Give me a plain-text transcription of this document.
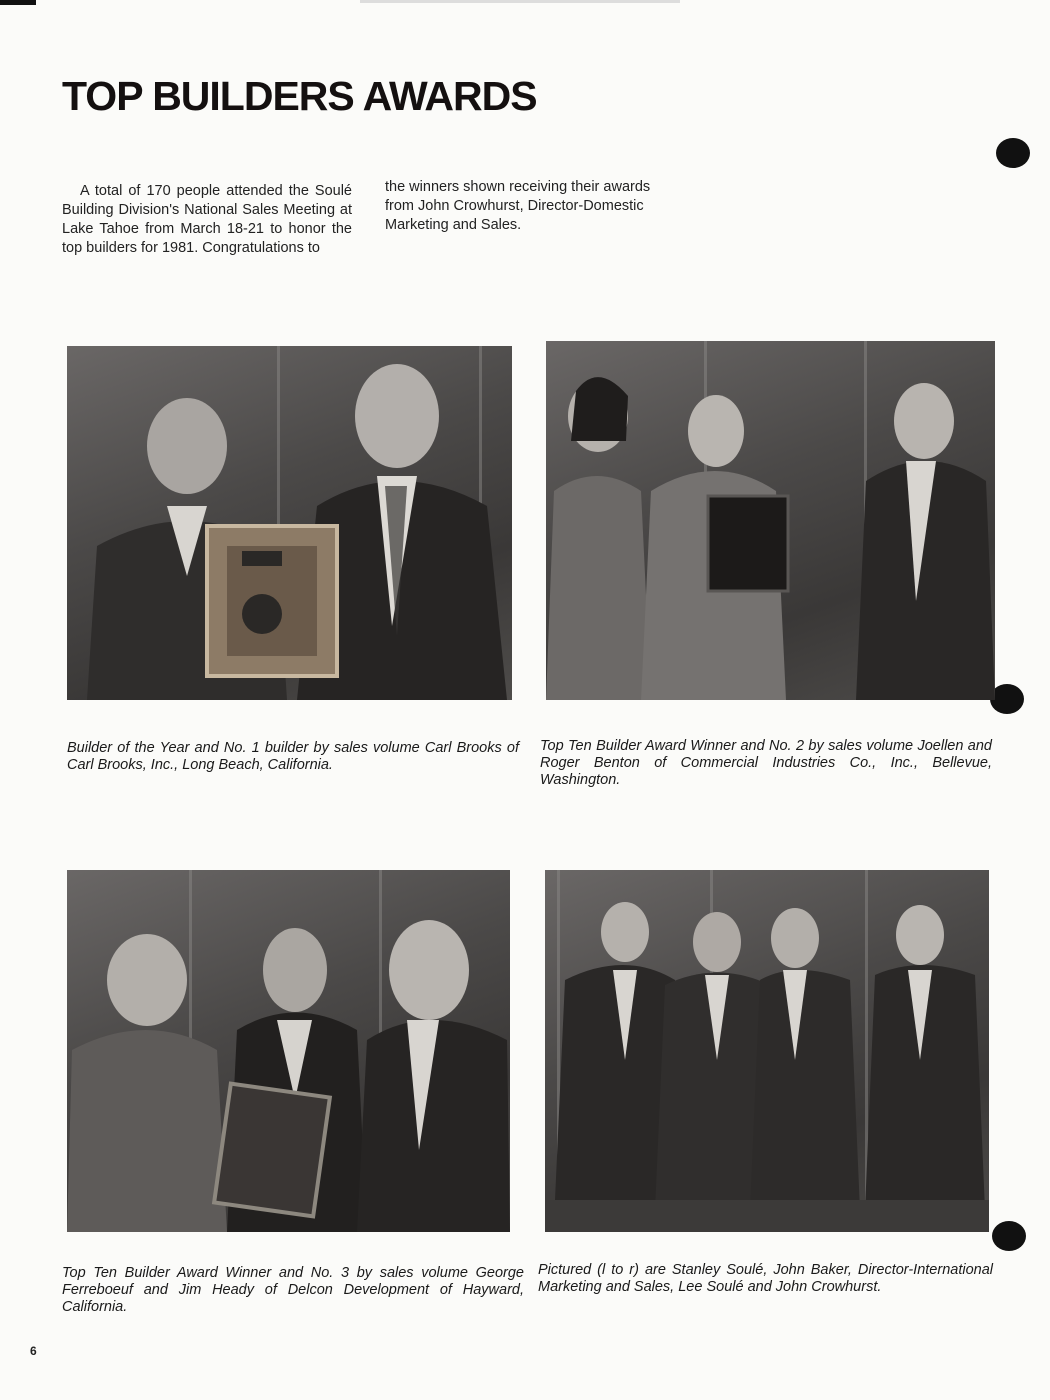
TOP BUILDERS AWARDS

A total of 170 people attended the Soulé Building Division's National Sales Meeting at Lake Tahoe from March 18-21 to honor the top builders for 1981. Congratulations to

the winners shown receiving their awards from John Crowhurst, Director-Domestic Marketing and Sales.

Builder of the Year and No. 1 builder by sales volume Carl Brooks of Carl Brooks, Inc., Long Beach, California.

Top Ten Builder Award Winner and No. 2 by sales volume Joellen and Roger Benton of Commercial Industries Co., Inc., Bellevue, Washington.

Top Ten Builder Award Winner and No. 3 by sales volume George Ferreboeuf and Jim Heady of Delcon Development of Hayward, California.

Pictured (l to r) are Stanley Soulé, John Baker, Director-International Marketing and Sales, Lee Soulé and John Crowhurst.

6
